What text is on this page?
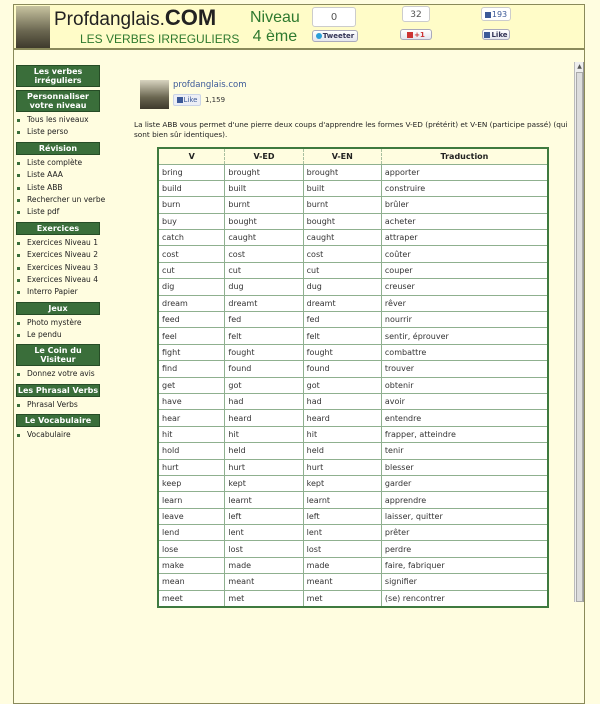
Profdanglais.COM
LES VERBES IRREGULIERS
Niveau
4 ème
0
Tweeter
32
+1
193
Like
Les verbes irréguliers
Personnaliser votre niveau
Tous les niveaux
Liste perso
Révision
Liste complète
Liste AAA
Liste ABB
Rechercher un verbe
Liste pdf
Exercices
Exercices Niveau 1
Exercices Niveau 2
Exercices Niveau 3
Exercices Niveau 4
Interro Papier
Jeux
Photo mystère
Le pendu
Le Coin du Visiteur
Donnez votre avis
Les Phrasal Verbs
Phrasal Verbs
Le Vocabulaire
Vocabulaire
▲
profdanglais.com
Like	1,159
La liste ABB vous permet d'une pierre deux coups d'apprendre les formes V-ED (prétérit) et V-EN (participe passé) (qui sont bien sûr identiques).
V	V-ED	V-EN	Traduction
bring	brought	brought	apporter
build	built	built	construire
burn	burnt	burnt	brûler
buy	bought	bought	acheter
catch	caught	caught	attraper
cost	cost	cost	coûter
cut	cut	cut	couper
dig	dug	dug	creuser
dream	dreamt	dreamt	rêver
feed	fed	fed	nourrir
feel	felt	felt	sentir, éprouver
fight	fought	fought	combattre
find	found	found	trouver
get	got	got	obtenir
have	had	had	avoir
hear	heard	heard	entendre
hit	hit	hit	frapper, atteindre
hold	held	held	tenir
hurt	hurt	hurt	blesser
keep	kept	kept	garder
learn	learnt	learnt	apprendre
leave	left	left	laisser, quitter
lend	lent	lent	prêter
lose	lost	lost	perdre
make	made	made	faire, fabriquer
mean	meant	meant	signifier
meet	met	met	(se) rencontrer
